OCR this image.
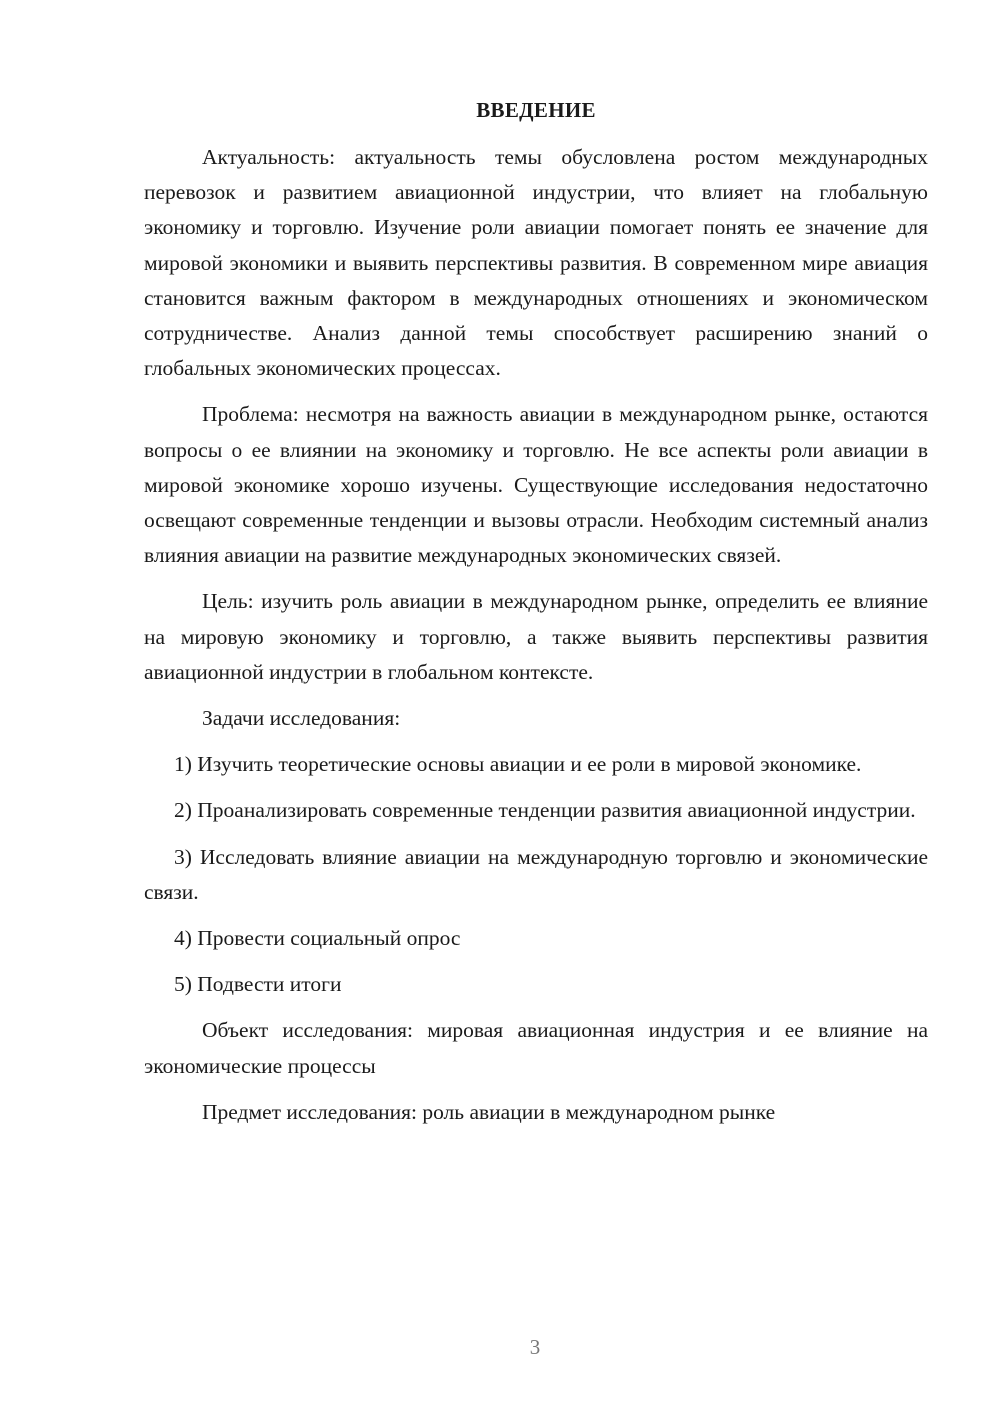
ВВЕДЕНИЕ

Актуальность: актуальность темы обусловлена ростом международных перевозок и развитием авиационной индустрии, что влияет на глобальную экономику и торговлю. Изучение роли авиации помогает понять ее значение для мировой экономики и выявить перспективы развития. В современном мире авиация становится важным фактором в международных отношениях и экономическом сотрудничестве. Анализ данной темы способствует расширению знаний о глобальных экономических процессах.

Проблема: несмотря на важность авиации в международном рынке, остаются вопросы о ее влиянии на экономику и торговлю. Не все аспекты роли авиации в мировой экономике хорошо изучены. Существующие исследования недостаточно освещают современные тенденции и вызовы отрасли. Необходим системный анализ влияния авиации на развитие международных экономических связей.

Цель: изучить роль авиации в международном рынке, определить ее влияние на мировую экономику и торговлю, а также выявить перспективы развития авиационной индустрии в глобальном контексте.

Задачи исследования:

1) Изучить теоретические основы авиации и ее роли в мировой экономике.

2) Проанализировать современные тенденции развития авиационной индустрии.

3) Исследовать влияние авиации на международную торговлю и экономические связи.

4) Провести социальный опрос

5) Подвести итоги

Объект исследования: мировая авиационная индустрия и ее влияние на экономические процессы

Предмет исследования: роль авиации в международном рынке

3
